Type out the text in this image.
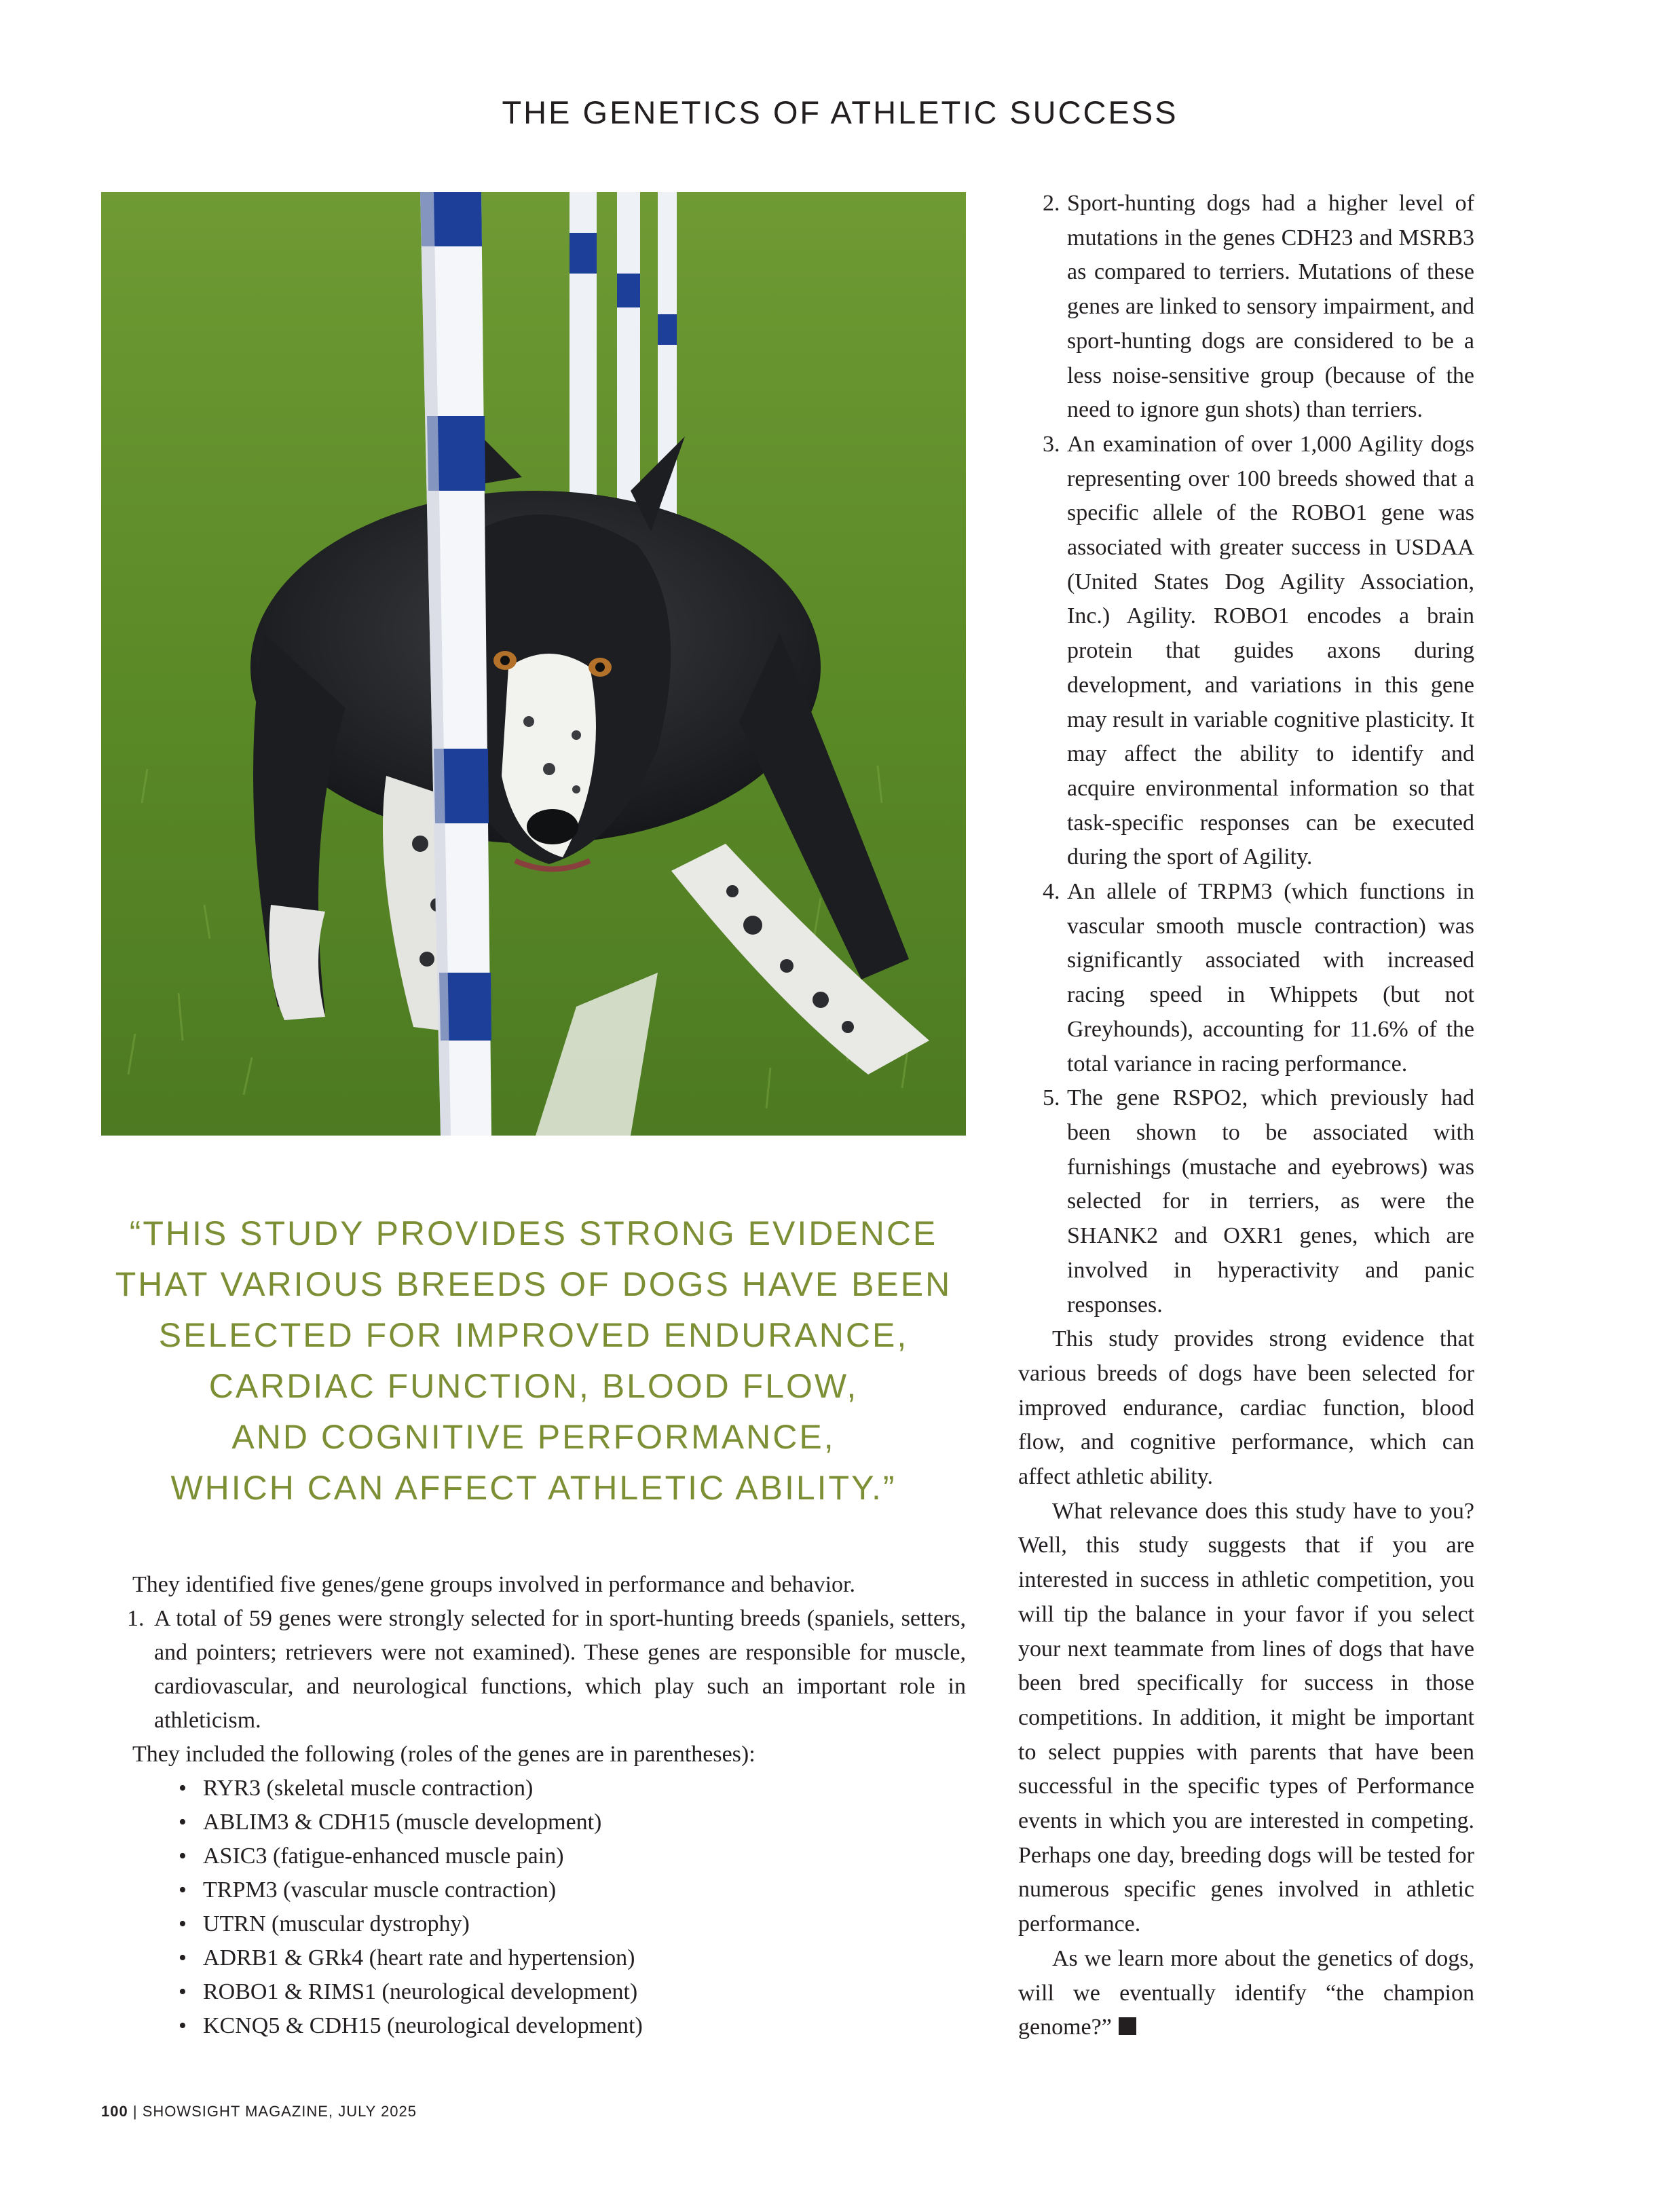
THE GENETICS OF ATHLETIC SUCCESS
“THIS STUDY PROVIDES STRONG EVIDENCE
THAT VARIOUS BREEDS OF DOGS HAVE BEEN
SELECTED FOR IMPROVED ENDURANCE,
CARDIAC FUNCTION, BLOOD FLOW,
AND COGNITIVE PERFORMANCE,
WHICH CAN AFFECT ATHLETIC ABILITY.”

They identified five genes/gene groups involved in performance and behavior.

1. A total of 59 genes were strongly selected for in sport-hunting breeds (spaniels, setters, and pointers; retrievers were not examined). These genes are responsible for muscle, cardiovascular, and neurological functions, which play such an important role in athleticism.

They included the following (roles of the genes are in parentheses):

• RYR3 (skeletal muscle contraction)
• ABLIM3 & CDH15 (muscle development)
• ASIC3 (fatigue-enhanced muscle pain)
• TRPM3 (vascular muscle contraction)
• UTRN (muscular dystrophy)
• ADRB1 & GRk4 (heart rate and hypertension)
• ROBO1 & RIMS1 (neurological development)
• KCNQ5 & CDH15 (neurological development)

2. Sport-hunting dogs had a higher level of mutations in the genes CDH23 and MSRB3 as compared to terriers. Mutations of these genes are linked to sensory impairment, and sport-hunting dogs are considered to be a less noise-sensitive group (because of the need to ignore gun shots) than terriers.

3. An examination of over 1,000 Agility dogs representing over 100 breeds showed that a specific allele of the ROBO1 gene was associated with greater success in USDAA (United States Dog Agility Association, Inc.) Agility. ROBO1 encodes a brain protein that guides axons during development, and variations in this gene may result in variable cognitive plasticity. It may affect the ability to identify and acquire environmental information so that task-specific responses can be executed during the sport of Agility.

4. An allele of TRPM3 (which functions in vascular smooth muscle contraction) was significantly associated with increased racing speed in Whippets (but not Greyhounds), accounting for 11.6% of the total variance in racing performance.

5. The gene RSPO2, which previously had been shown to be associated with furnishings (mustache and eyebrows) was selected for in terriers, as were the SHANK2 and OXR1 genes, which are involved in hyperactivity and panic responses.

This study provides strong evidence that various breeds of dogs have been selected for improved endurance, cardiac function, blood flow, and cognitive performance, which can affect athletic ability.

What relevance does this study have to you? Well, this study suggests that if you are interested in success in athletic competition, you will tip the balance in your favor if you select your next teammate from lines of dogs that have been bred specifically for success in those competitions. In addition, it might be important to select puppies with parents that have been successful in the specific types of Performance events in which you are interested in competing. Perhaps one day, breeding dogs will be tested for numerous specific genes involved in athletic performance.

As we learn more about the genetics of dogs, will we eventually identify “the champion genome?”

100 | SHOWSIGHT MAGAZINE, JULY 2025
